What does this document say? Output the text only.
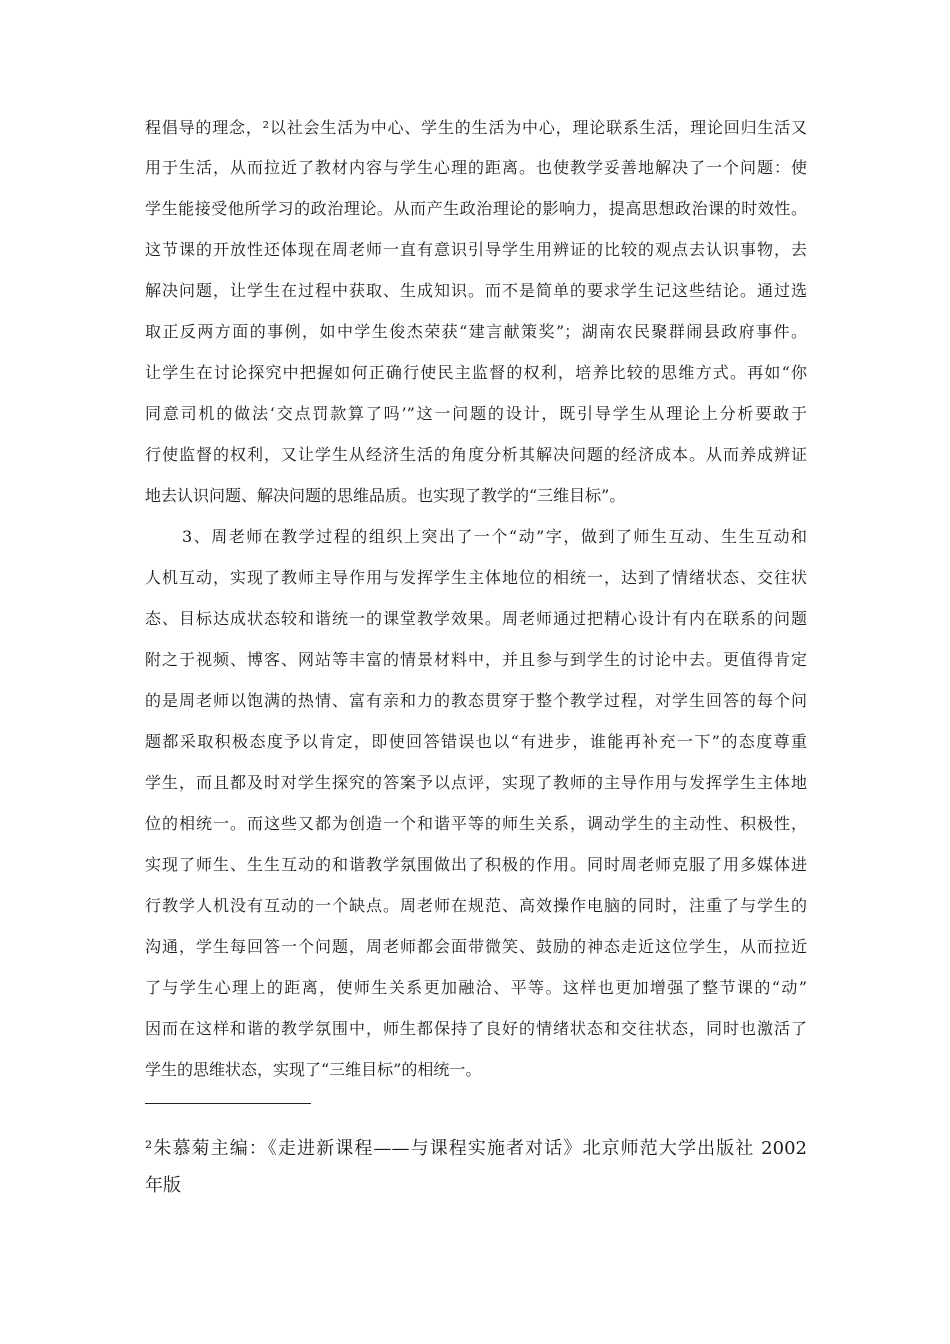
程倡导的理念，²以社会生活为中心、学生的生活为中心，理论联系生活，理论回归生活又
用于生活，从而拉近了教材内容与学生心理的距离。也使教学妥善地解决了一个问题：使
学生能接受他所学习的政治理论。从而产生政治理论的影响力，提高思想政治课的时效性。
这节课的开放性还体现在周老师一直有意识引导学生用辨证的比较的观点去认识事物，去
解决问题，让学生在过程中获取、生成知识。而不是简单的要求学生记这些结论。通过选
取正反两方面的事例，如中学生俊杰荣获“建言献策奖”；湖南农民聚群闹县政府事件。
让学生在讨论探究中把握如何正确行使民主监督的权利，培养比较的思维方式。再如“你
同意司机的做法‘交点罚款算了吗’”这一问题的设计，既引导学生从理论上分析要敢于
行使监督的权利，又让学生从经济生活的角度分析其解决问题的经济成本。从而养成辨证
地去认识问题、解决问题的思维品质。也实现了教学的“三维目标”。
3、周老师在教学过程的组织上突出了一个“动”字，做到了师生互动、生生互动和
人机互动，实现了教师主导作用与发挥学生主体地位的相统一，达到了情绪状态、交往状
态、目标达成状态较和谐统一的课堂教学效果。周老师通过把精心设计有内在联系的问题
附之于视频、博客、网站等丰富的情景材料中，并且参与到学生的讨论中去。更值得肯定
的是周老师以饱满的热情、富有亲和力的教态贯穿于整个教学过程，对学生回答的每个问
题都采取积极态度予以肯定，即使回答错误也以“有进步，谁能再补充一下”的态度尊重
学生，而且都及时对学生探究的答案予以点评，实现了教师的主导作用与发挥学生主体地
位的相统一。而这些又都为创造一个和谐平等的师生关系，调动学生的主动性、积极性，
实现了师生、生生互动的和谐教学氛围做出了积极的作用。同时周老师克服了用多媒体进
行教学人机没有互动的一个缺点。周老师在规范、高效操作电脑的同时，注重了与学生的
沟通，学生每回答一个问题，周老师都会面带微笑、鼓励的神态走近这位学生，从而拉近
了与学生心理上的距离，使师生关系更加融洽、平等。这样也更加增强了整节课的“动”
因而在这样和谐的教学氛围中，师生都保持了良好的情绪状态和交往状态，同时也激活了
学生的思维状态，实现了“三维目标”的相统一。
²朱慕菊主编：《走进新课程——与课程实施者对话》北京师范大学出版社 2002
年版
